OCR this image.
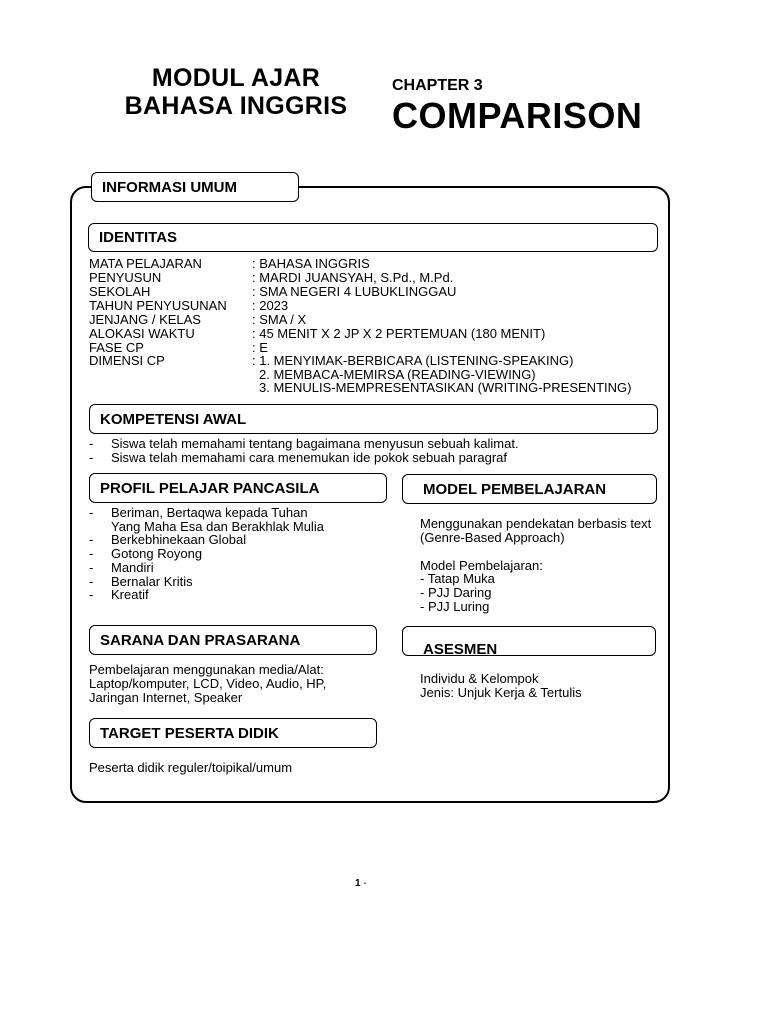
MODUL AJAR
BAHASA INGGRIS
CHAPTER 3
COMPARISON
INFORMASI UMUM
IDENTITAS
MATA PELAJARAN	: BAHASA INGGRIS
PENYUSUN	: MARDI JUANSYAH, S.Pd., M.Pd.
SEKOLAH	: SMA NEGERI 4 LUBUKLINGGAU
TAHUN PENYUSUNAN : 2023
JENJANG / KELAS	: SMA / X
ALOKASI WAKTU	: 45 MENIT X 2 JP X 2 PERTEMUAN (180 MENIT)
FASE CP	: E
DIMENSI CP	: 1. MENYIMAK-BERBICARA (LISTENING-SPEAKING)
2. MEMBACA-MEMIRSA (READING-VIEWING)
3. MENULIS-MEMPRESENTASIKAN (WRITING-PRESENTING)
KOMPETENSI AWAL
- Siswa telah memahami tentang bagaimana menyusun sebuah kalimat.
- Siswa telah memahami cara menemukan ide pokok sebuah paragraf
PROFIL PELAJAR PANCASILA
- Beriman, Bertaqwa kepada Tuhan
Yang Maha Esa dan Berakhlak Mulia
- Berkebhinekaan Global
- Gotong Royong
- Mandiri
- Bernalar Kritis
- Kreatif
MODEL PEMBELAJARAN
Menggunakan pendekatan berbasis text
(Genre-Based Approach)
Model Pembelajaran:
- Tatap Muka
- PJJ Daring
- PJJ Luring
SARANA DAN PRASARANA
Pembelajaran menggunakan media/Alat:
Laptop/komputer, LCD, Video, Audio, HP,
Jaringan Internet, Speaker
ASESMEN
Individu & Kelompok
Jenis: Unjuk Kerja & Tertulis
TARGET PESERTA DIDIK
Peserta didik reguler/toipikal/umum
1 -
